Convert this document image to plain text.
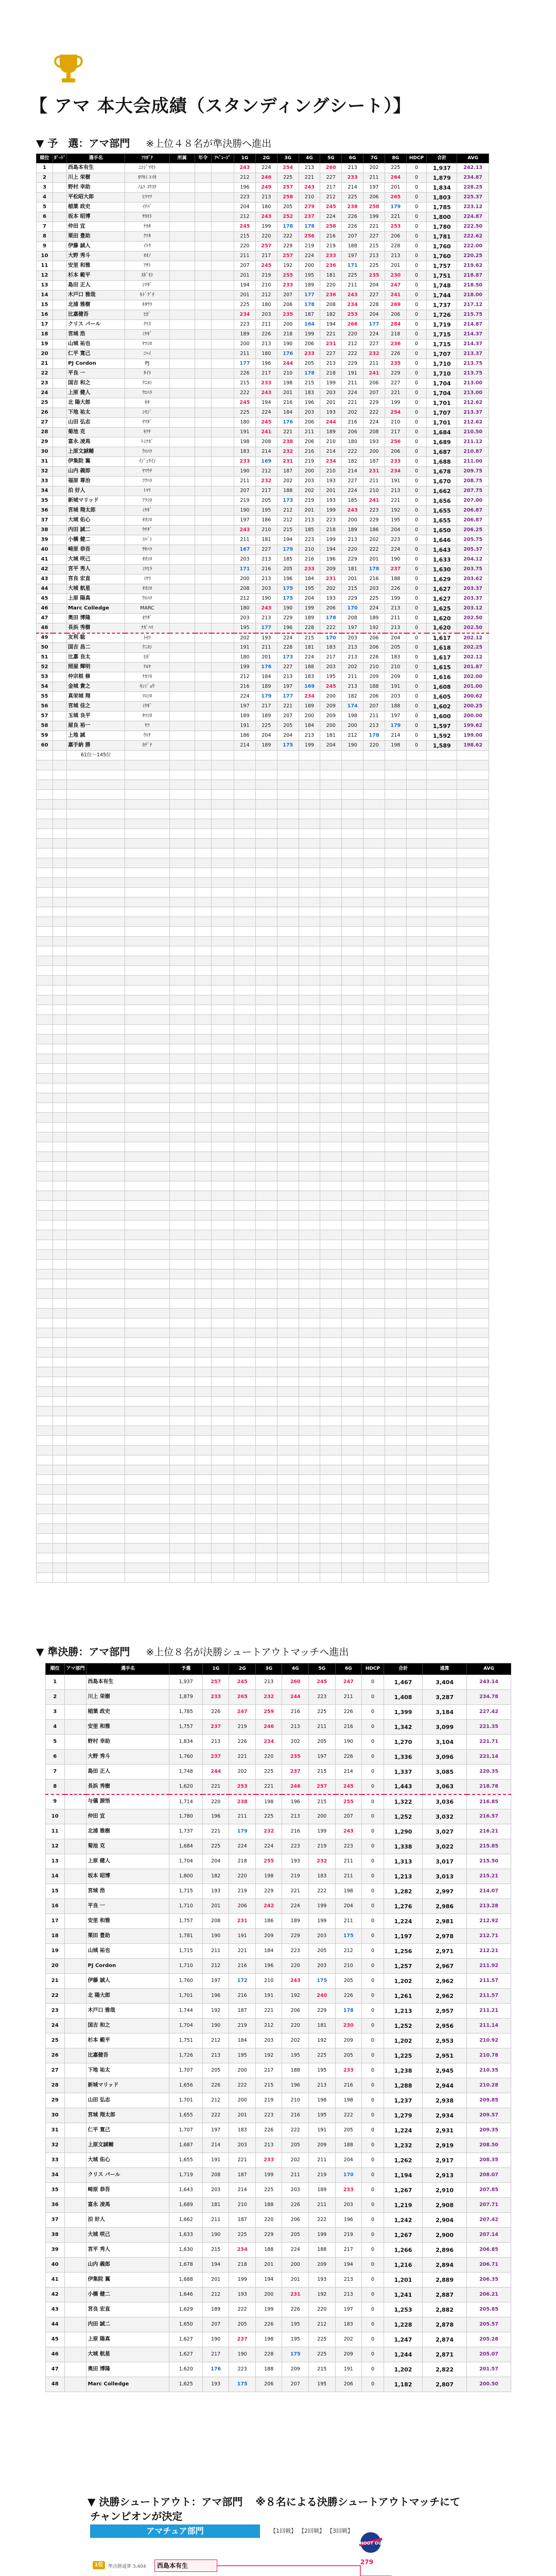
【 アマ 本大会成績（スタンディングシート）】
▼ 予　選：アマ部門 ※上位４８名が準決勝へ進出
順位	ｶﾞｰﾄﾞ	選手名	ﾌﾘｶﾞﾅ	所属	年令	ｱﾍﾞﾚｰｼﾞ	1G	2G	3G	4G	5G	6G	7G	8G	HDCP	合計	AVG
1		西島本有生	ﾆｼｼﾞﾏﾓﾄ				243	224	254	213	260	213	202	225	0	1,937	242.13
2		川上 栄樹	ｶﾜｶﾐ ｴｲｷ				212	246	225	221	227	233	211	264	0	1,879	234.87
3		野村 幸助	ﾉﾑﾗ ｺｳｽｹ				196	249	257	243	217	214	197	201	0	1,834	228.25
4		平松昭大郎	ﾋﾗﾏﾂ				223	213	258	210	212	225	206	265	0	1,803	225.37
5		稲葉 政史	ｲﾅﾊﾞ				204	180	205	279	245	238	258	179	0	1,785	223.12
6		坂本 昭博	ｻｶﾓﾄ				212	243	252	237	224	226	199	221	0	1,800	224.87
7		仲田 宜	ﾅｶﾀ				245	199	178	178	258	226	221	253	0	1,780	222.50
8		栗田 豊助	ｸﾘﾀ				215	220	222	256	216	207	227	206	0	1,781	222.62
9		伊藤 誠人	ｲﾄｳ				220	257	229	219	219	188	215	228	0	1,760	222.00
10		大野 秀斗	ｵｵﾉ				211	217	257	224	233	197	213	213	0	1,760	220.25
11		安里 和雅	ｱｻﾄ				207	245	192	200	236	171	225	201	0	1,757	219.62
12		杉本 範平	ｽｷﾞﾓﾄ				201	219	255	195	181	225	235	230	0	1,751	218.87
13		島田 正人	ｼﾏﾀﾞ				194	210	233	189	220	211	204	247	0	1,748	218.50
14		木戸口 雅哉	ｷﾄﾞｸﾞﾁ				201	212	207	177	236	243	227	241	0	1,744	218.00
15		北浦 雅樹	ｷﾀｳﾗ				225	180	206	178	208	234	228	269	0	1,737	217.12
16		比嘉健吾	ﾋｶﾞ				234	203	235	187	182	253	204	206	0	1,726	215.75
17		クリス パール	ｸﾘｽ				223	211	200	164	194	266	177	284	0	1,719	214.87
18		宮城 浩	ﾐﾔｷﾞ				189	226	218	199	221	220	224	218	0	1,715	214.37
19		山城 祐也	ﾔﾏｼﾛ				200	213	190	206	231	212	227	236	0	1,715	214.37
20		仁平 寛己	ﾆﾍｲ				211	180	176	233	227	222	232	226	0	1,707	213.37
21		PJ Cordon	PJ				177	196	244	205	213	229	211	235	0	1,710	213.75
22		平良 一	ﾀｲﾗ				226	217	210	178	218	191	241	229	0	1,710	213.75
23		国吉 和之	ｸﾆﾖｼ				215	233	198	215	199	211	206	227	0	1,704	213.00
24		上原 健人	ｳｴﾊﾗ				222	243	201	183	203	224	207	221	0	1,704	213.00
25		北 陽大郎	ｷﾀ				245	194	216	196	201	221	229	199	0	1,701	212.62
26		下地 祐太	ｼﾓｼﾞ				225	224	184	203	193	202	222	254	0	1,707	213.37
27		山田 弘志	ﾔﾏﾀﾞ				180	245	176	206	244	216	224	210	0	1,701	212.62
28		菊池 克	ｷｸﾁ				191	241	221	211	189	206	208	217	0	1,684	210.50
29		富永 凌馬	ﾄﾐﾅｶﾞ				198	208	238	206	210	180	193	256	0	1,689	211.12
30		上原文誠輔	ｳｴﾊﾗ				183	214	232	216	214	222	200	206	0	1,687	210.87
31		伊集院 翼	ｲｼﾞｭｳｲﾝ				233	169	231	219	234	182	187	233	0	1,688	211.00
32		山内 義郎	ﾔﾏｳﾁ				190	212	187	200	210	214	231	234	0	1,678	209.75
33		福原 尊治	ﾌｸﾊﾗ				211	232	202	203	193	227	211	191	0	1,670	208.75
34		泊 好人	ﾄﾏﾘ				207	217	188	202	201	224	210	213	0	1,662	207.75
35		新城マリッド	ｱﾗｼﾛ				219	205	173	219	193	185	241	221	0	1,656	207.00
36		宮城 翔太郎	ﾐﾔｷﾞ				190	195	212	201	199	243	223	192	0	1,655	206.87
37		大城 佑心	ｵｵｼﾛ				197	186	212	213	223	200	229	195	0	1,655	206.87
38		内田 誠二	ｳﾁﾀﾞ				243	210	215	185	218	189	186	204	0	1,650	206.25
39		小橋 健二	ｺﾊﾞｼ				211	181	194	223	199	213	202	223	0	1,646	205.75
40		崎原 恭吾	ｻｷﾊﾗ				167	227	179	210	194	220	222	224	0	1,643	205.37
41		大城 咲己	ｵｵｼﾛ				203	213	185	216	196	229	201	190	0	1,633	204.12
42		宮平 秀人	ﾐﾔﾋﾗ				171	216	205	233	209	181	178	237	0	1,630	203.75
43		宮良 宏直	ﾐﾔﾗ				200	213	196	184	231	201	216	188	0	1,629	203.62
44		大城 航星	ｵｵｼﾛ				208	203	175	195	202	215	203	226	0	1,627	203.37
45		上原 陽真	ｳｴﾊﾗ				212	190	175	204	193	229	225	199	0	1,627	203.37
46		Marc Colledge	MARC				180	243	190	199	206	170	224	213	0	1,625	203.12
47		奥田 博隆	ｵｸﾀﾞ				203	213	229	189	178	208	189	211	0	1,620	202.50
48		長浜 秀樹	ﾅｶﾞﾊﾏ				195	177	196	228	222	197	192	213	0	1,620	202.50
49		友利 聡	ﾄﾓﾘ				202	193	224	215	170	203	206	204	0	1,617	202.12
50		国吉 昌二	ｸﾆﾖｼ				191	211	228	181	183	213	206	205	0	1,618	202.25
51		比嘉 良太	ﾋｶﾞ				180	201	173	224	217	213	226	183	0	1,617	202.12
52		照屋 輝明	ﾃﾙﾔ				199	176	227	188	203	202	210	210	0	1,615	201.87
53		仲宗根 修	ﾅｶｿﾈ				212	184	213	183	195	211	209	209	0	1,616	202.00
54		金城 貴之	ｷﾝｼﾞｮｳ				216	189	197	169	245	213	188	191	0	1,608	201.00
55		真栄城 翔	ﾏｴｼﾛ				224	179	177	234	200	182	206	203	0	1,605	200.62
56		宮城 佳之	ﾐﾔｷﾞ				197	217	221	189	209	174	207	188	0	1,602	200.25
57		玉城 良平	ﾀﾏｼﾛ				189	189	207	200	209	198	211	197	0	1,600	200.00
58		屋良 裕一	ﾔﾗ				191	225	205	184	200	200	213	179	0	1,597	199.62
59		上地 誠	ｳｴﾁ				186	204	204	213	181	212	178	214	0	1,592	199.00
60		嘉手納 勝	ｶﾃﾞﾅ				214	189	175	199	204	190	220	198	0	1,589	198.62
		61位〜145位															

▼ 準決勝：アマ部門 ※上位８名が決勝シュートアウトマッチへ進出
順位	アマ部門	選手名	予選	1G	2G	3G	4G	5G	6G	HDCP	合計	通算	AVG
1		西島本有生	1,937	257	245	213	260	245	247	0	1,467	3,404	243.14
2		川上 栄樹	1,879	233	265	232	244	223	211	0	1,408	3,287	234.78
3		稲葉 政史	1,785	226	247	259	216	225	226	0	1,399	3,184	227.42
4		安里 和雅	1,757	237	219	246	213	211	216	0	1,342	3,099	221.35
5		野村 幸助	1,834	213	226	234	202	205	190	0	1,270	3,104	221.71
6		大野 秀斗	1,760	237	221	220	235	197	226	0	1,336	3,096	221.14
7		島田 正人	1,748	244	202	225	237	215	214	0	1,337	3,085	220.35
8		長浜 秀樹	1,620	221	253	221	246	257	245	0	1,443	3,063	218.78
9		与儀 源悟	1,714	220	238	198	196	215	255	0	1,322	3,036	216.85
10		仲田 宜	1,780	196	211	225	213	200	207	0	1,252	3,032	216.57
11		北浦 雅樹	1,737	221	179	232	216	199	243	0	1,290	3,027	216.21
12		菊池 克	1,684	225	224	224	223	219	223	0	1,338	3,022	215.85
13		上原 健人	1,704	204	218	255	193	232	211	0	1,313	3,017	215.50
14		坂本 昭博	1,800	182	220	198	219	183	211	0	1,213	3,013	215.21
15		宮城 浩	1,715	193	219	229	221	222	198	0	1,282	2,997	214.07
16		平良 一	1,710	201	206	242	224	199	204	0	1,276	2,986	213.28
17		安里 和雅	1,757	208	231	186	189	199	211	0	1,224	2,981	212.92
18		栗田 豊助	1,781	190	191	209	229	203	175	0	1,197	2,978	212.71
19		山城 祐也	1,715	211	221	184	223	205	212	0	1,256	2,971	212.21
20		PJ Cordon	1,710	212	216	196	220	203	210	0	1,257	2,967	211.92
21		伊藤 誠人	1,760	197	172	210	243	175	205	0	1,202	2,962	211.57
22		北 陽大郎	1,701	196	216	191	192	240	226	0	1,261	2,962	211.57
23		木戸口 雅哉	1,744	192	187	221	206	229	178	0	1,213	2,957	211.21
24		国吉 和之	1,704	190	219	212	220	181	230	0	1,252	2,956	211.14
25		杉本 範平	1,751	212	184	203	202	192	209	0	1,202	2,953	210.92
26		比嘉健吾	1,726	213	195	192	195	225	205	0	1,225	2,951	210.78
27		下地 祐太	1,707	205	200	217	188	195	233	0	1,238	2,945	210.35
28		新城マリッド	1,656	226	222	215	196	213	216	0	1,288	2,944	210.28
29		山田 弘志	1,701	212	200	219	210	198	198	0	1,237	2,938	209.85
30		宮城 翔太郎	1,655	222	201	223	216	195	222	0	1,279	2,934	209.57
31		仁平 寛己	1,707	197	183	226	222	191	205	0	1,224	2,931	209.35
32		上原文誠輔	1,687	214	203	213	205	209	188	0	1,232	2,919	208.50
33		大城 佑心	1,655	191	221	233	202	211	204	0	1,262	2,917	208.35
34		クリス パール	1,719	208	187	199	211	219	170	0	1,194	2,913	208.07
35		崎原 恭吾	1,643	203	214	225	203	189	233	0	1,267	2,910	207.85
36		富永 凌馬	1,689	181	210	188	226	211	203	0	1,219	2,908	207.71
37		泊 好人	1,662	211	187	220	206	222	196	0	1,242	2,904	207.42
38		大城 咲己	1,633	190	225	229	205	199	219	0	1,267	2,900	207.14
39		宮平 秀人	1,630	215	234	188	224	188	217	0	1,266	2,896	206.85
40		山内 義郎	1,678	194	218	201	200	209	194	0	1,216	2,894	206.71
41		伊集院 翼	1,688	201	199	194	201	193	213	0	1,201	2,889	206.35
42		小橋 健二	1,646	212	193	200	231	192	213	0	1,241	2,887	206.21
43		宮良 宏直	1,629	189	222	199	226	220	197	0	1,253	2,882	205.85
44		内田 誠二	1,650	207	205	226	195	212	183	0	1,228	2,878	205.57
45		上原 陽真	1,627	190	237	198	195	225	202	0	1,247	2,874	205.28
46		大城 航星	1,627	217	190	228	175	225	209	0	1,244	2,871	205.07
47		奥田 博隆	1,620	176	223	188	209	215	191	0	1,202	2,822	201.57
48		Marc Colledge	1,625	193	175	206	207	195	206	0	1,182	2,807	200.50
▼ 決勝シュートアウト：アマ部門 ※８名による決勝シュートアウトマッチにて
チャンピオンが決定
アマチュア部門	【1回戦】 【2回戦】 【3回戦】
SHOOT OUT
1位	準決勝通算 3,404	西島本有生	279
